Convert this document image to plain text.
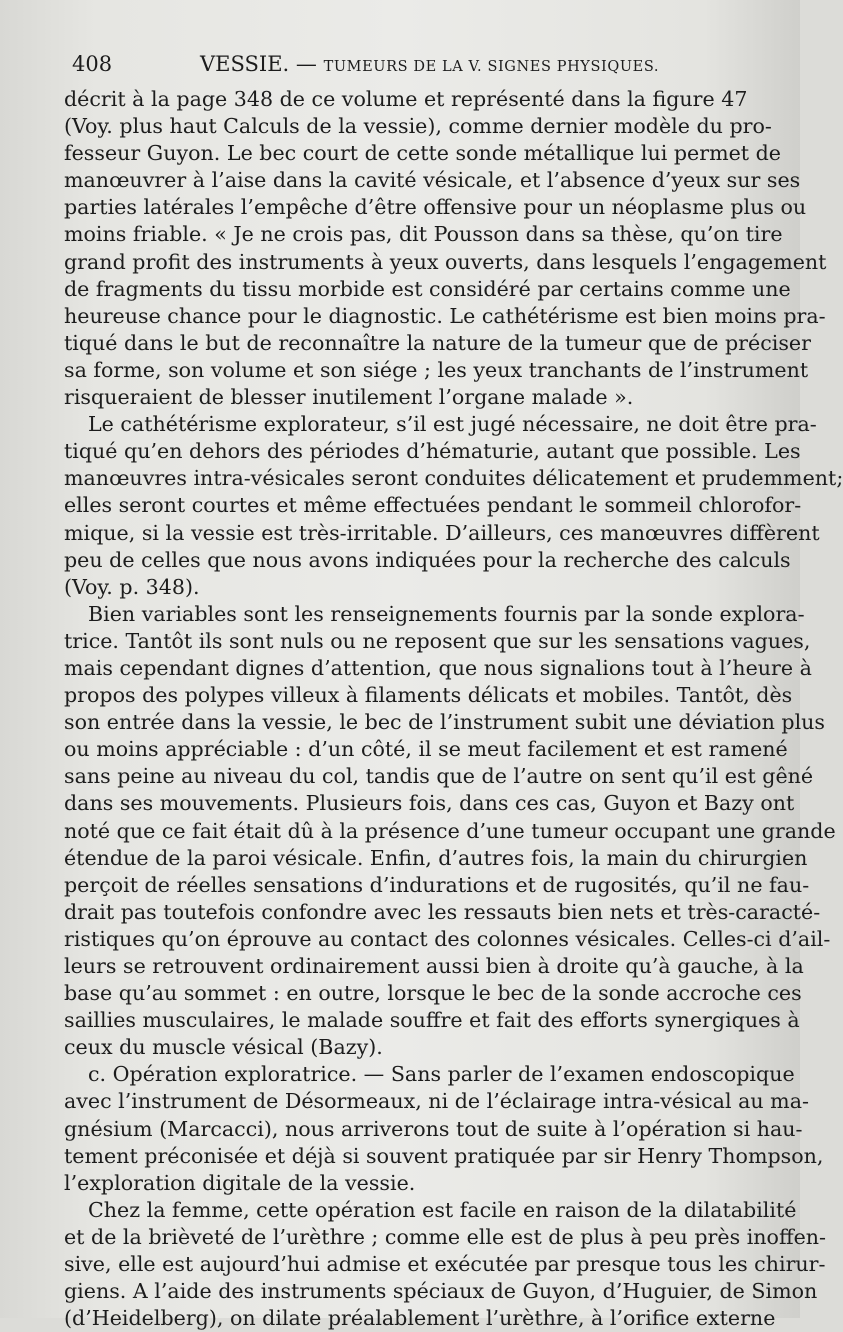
408	VESSIE. — TUMEURS DE LA V. SIGNES PHYSIQUES.
décrit à la page 348 de ce volume et représenté dans la figure 47
(Voy. plus haut Calculs de la vessie), comme dernier modèle du pro-
fesseur Guyon. Le bec court de cette sonde métallique lui permet de
manœuvrer à l’aise dans la cavité vésicale, et l’absence d’yeux sur ses
parties latérales l’empêche d’être offensive pour un néoplasme plus ou
moins friable. « Je ne crois pas, dit Pousson dans sa thèse, qu’on tire
grand profit des instruments à yeux ouverts, dans lesquels l’engagement
de fragments du tissu morbide est considéré par certains comme une
heureuse chance pour le diagnostic. Le cathétérisme est bien moins pra-
tiqué dans le but de reconnaître la nature de la tumeur que de préciser
sa forme, son volume et son siége ; les yeux tranchants de l’instrument
risqueraient de blesser inutilement l’organe malade ».
Le cathétérisme explorateur, s’il est jugé nécessaire, ne doit être pra-
tiqué qu’en dehors des périodes d’hématurie, autant que possible. Les
manœuvres intra-vésicales seront conduites délicatement et prudemment;
elles seront courtes et même effectuées pendant le sommeil chlorofor-
mique, si la vessie est très-irritable. D’ailleurs, ces manœuvres diffèrent
peu de celles que nous avons indiquées pour la recherche des calculs
(Voy. p. 348).
Bien variables sont les renseignements fournis par la sonde explora-
trice. Tantôt ils sont nuls ou ne reposent que sur les sensations vagues,
mais cependant dignes d’attention, que nous signalions tout à l’heure à
propos des polypes villeux à filaments délicats et mobiles. Tantôt, dès
son entrée dans la vessie, le bec de l’instrument subit une déviation plus
ou moins appréciable : d’un côté, il se meut facilement et est ramené
sans peine au niveau du col, tandis que de l’autre on sent qu’il est gêné
dans ses mouvements. Plusieurs fois, dans ces cas, Guyon et Bazy ont
noté que ce fait était dû à la présence d’une tumeur occupant une grande
étendue de la paroi vésicale. Enfin, d’autres fois, la main du chirurgien
perçoit de réelles sensations d’indurations et de rugosités, qu’il ne fau-
drait pas toutefois confondre avec les ressauts bien nets et très-caracté-
ristiques qu’on éprouve au contact des colonnes vésicales. Celles-ci d’ail-
leurs se retrouvent ordinairement aussi bien à droite qu’à gauche, à la
base qu’au sommet : en outre, lorsque le bec de la sonde accroche ces
saillies musculaires, le malade souffre et fait des efforts synergiques à
ceux du muscle vésical (Bazy).
c. Opération exploratrice. — Sans parler de l’examen endoscopique
avec l’instrument de Désormeaux, ni de l’éclairage intra-vésical au ma-
gnésium (Marcacci), nous arriverons tout de suite à l’opération si hau-
tement préconisée et déjà si souvent pratiquée par sir Henry Thompson,
l’exploration digitale de la vessie.
Chez la femme, cette opération est facile en raison de la dilatabilité
et de la brièveté de l’urèthre ; comme elle est de plus à peu près inoffen-
sive, elle est aujourd’hui admise et exécutée par presque tous les chirur-
giens. A l’aide des instruments spéciaux de Guyon, d’Huguier, de Simon
(d’Heidelberg), on dilate préalablement l’urèthre, à l’orifice externe
